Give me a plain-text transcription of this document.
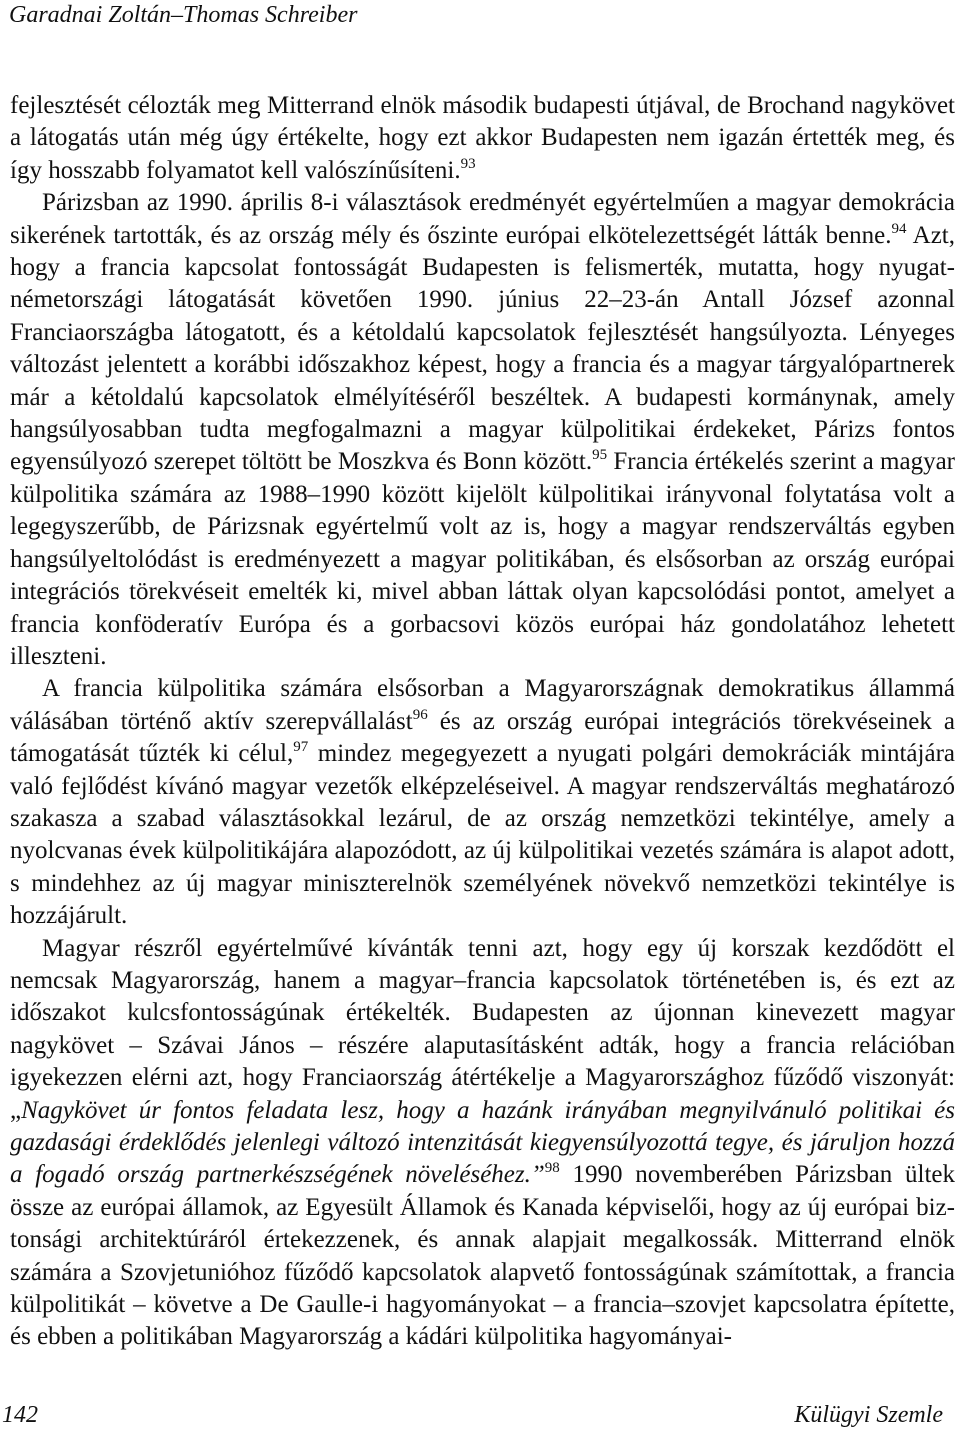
Garadnai Zoltán–Thomas Schreiber

fejlesztését célozták meg Mitterrand elnök második budapesti útjával, de Brochand nagykövet a látogatás után még úgy értékelte, hogy ezt akkor Budapesten nem igazán értették meg, és így hosszabb folyamatot kell valószínűsíteni.$^{93}$

Párizsban az 1990. április 8-i választások eredményét egyértelműen a magyar demokrácia sikerének tartották, és az ország mély és őszinte európai elkötelezettségét látták benne.$^{94}$ Azt, hogy a francia kapcsolat fontosságát Budapesten is felismerték, mutatta, hogy nyugat-németországi látogatását követően 1990. június 22–23-án Antall József azonnal Franciaországba látogatott, és a kétoldalú kapcsolatok fejlesztését hangsúlyozta. Lényeges változást jelentett a korábbi időszakhoz képest, hogy a francia és a magyar tárgyalópartnerek már a kétoldalú kapcsolatok elmélyítéséről beszéltek. A budapesti kormánynak, amely hangsúlyosabban tudta megfogalmazni a magyar külpolitikai érdekeket, Párizs fontos egyensúlyozó szerepet töltött be Moszkva és Bonn között.$^{95}$ Francia értékelés szerint a magyar külpolitika számára az 1988–1990 között kijelölt külpolitikai irányvonal folytatása volt a legegyszerűbb, de Párizsnak egyértelmű volt az is, hogy a magyar rendszerváltás egyben hangsúlyeltolódást is eredményezett a magyar politikában, és elsősorban az ország európai integrációs törekvéseit emelték ki, mivel abban láttak olyan kapcsolódási pontot, amelyet a francia konföderatív Európa és a gorbacsovi közös európai ház gondolatához lehetett illeszteni.

A francia külpolitika számára elsősorban a Magyarországnak demokratikus állammá válásában történő aktív szerepvállalást$^{96}$ és az ország európai integrációs törekvéseinek a támogatását tűzték ki célul,$^{97}$ mindez megegyezett a nyugati polgári demokráciák mintájára való fejlődést kívánó magyar vezetők elképzeléseivel. A magyar rendszerváltás meghatározó szakasza a szabad választásokkal lezárul, de az ország nemzetközi tekintélye, amely a nyolcvanas évek külpolitikájára alapozódott, az új külpolitikai vezetés számára is alapot adott, s mindehhez az új magyar miniszterelnök személyének növekvő nemzetközi tekintélye is hozzájárult.

Magyar részről egyértelművé kívánták tenni azt, hogy egy új korszak kezdődött el nemcsak Magyarország, hanem a magyar–francia kapcsolatok történetében is, és ezt az időszakot kulcsfontosságúnak értékelték. Budapesten az újonnan kinevezett magyar nagykövet – Szávai János – részére alaputasításként adták, hogy a francia relációban igyekezzen elérni azt, hogy Franciaország átértékelje a Magyarországhoz fűződő viszonyát: „Nagykövet úr fontos feladata lesz, hogy a hazánk irányában megnyilvánuló politikai és gazdasági érdeklődés jelenlegi változó intenzitását kiegyensúlyozottá tegye, és járuljon hozzá a fogadó ország partnerkészségének növeléséhez.”$^{98}$ 1990 novemberében Párizsban ültek össze az európai államok, az Egyesült Államok és Kanada képviselői, hogy az új európai biztonsági architektúráról értekezzenek, és annak alapjait megalkossák. Mitterrand elnök számára a Szovjetunióhoz fűződő kapcsolatok alapvető fontosságúnak számítottak, a francia külpolitikát – követve a De Gaulle-i hagyományokat – a francia–szovjet kapcsolatra építette, és ebben a politikában Magyarország a kádári külpolitika hagyományai-

142	Külügyi Szemle
